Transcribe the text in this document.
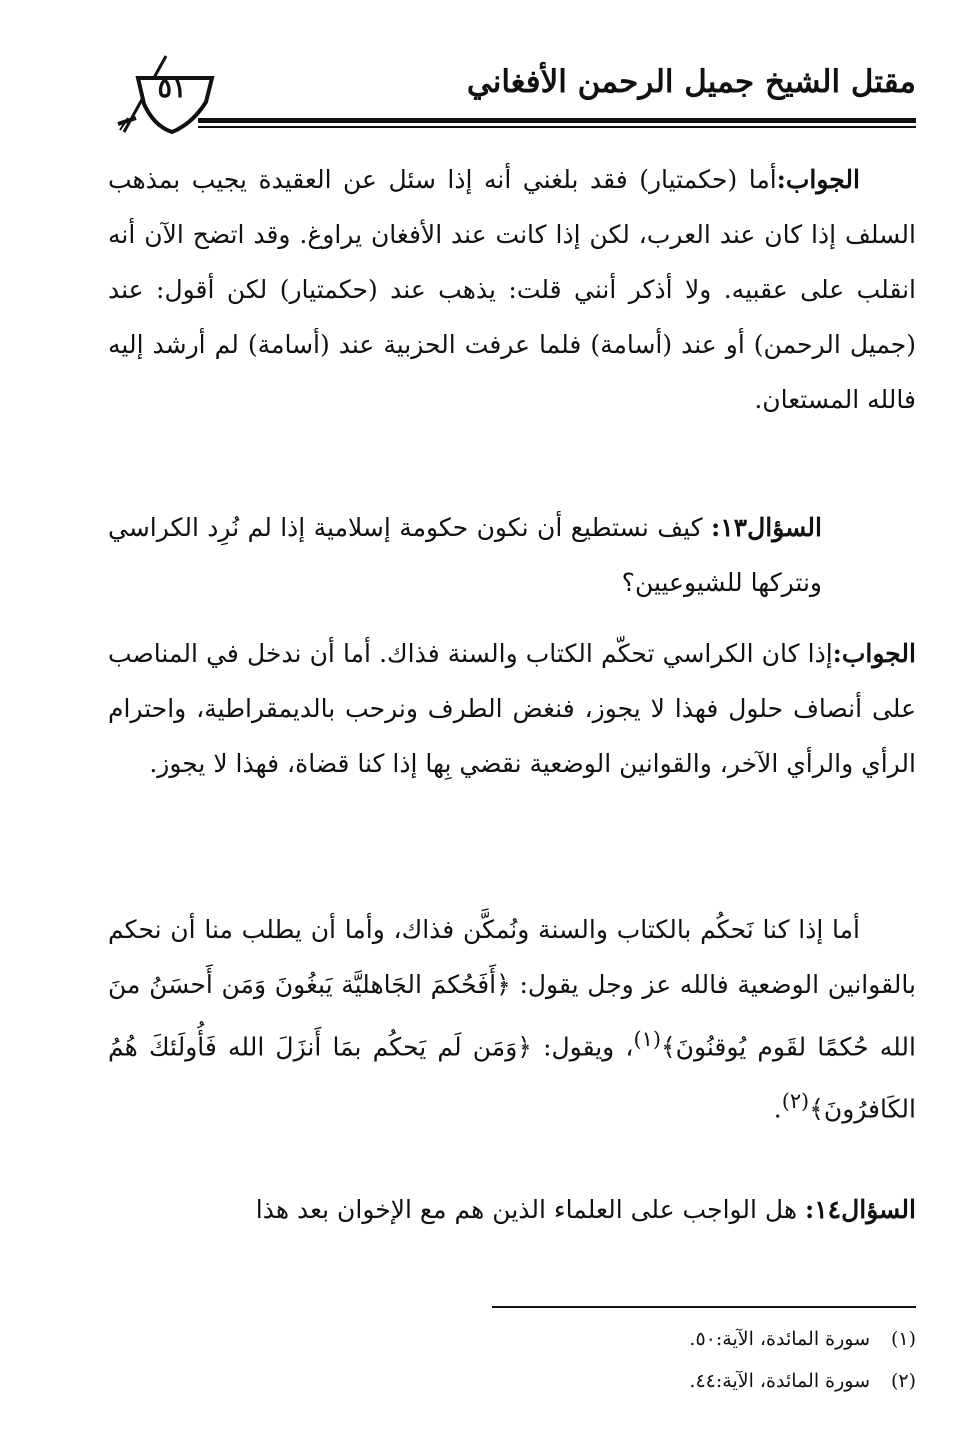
مقتل الشيخ جميل الرحمن الأفغاني
٥١

الجواب:أما (حكمتيار) فقد بلغني أنه إذا سئل عن العقيدة يجيب بمذهب السلف إذا كان عند العرب، لكن إذا كانت عند الأفغان يراوغ. وقد اتضح الآن أنه انقلب على عقبيه. ولا أذكر أنني قلت: يذهب عند (حكمتيار) لكن أقول: عند (جميل الرحمن) أو عند (أسامة) فلما عرفت الحزبية عند (أسامة) لم أرشد إليه فالله المستعان.

السؤال١٣: كيف نستطيع أن نكون حكومة إسلامية إذا لم نُرِد الكراسي ونتركها للشيوعيين؟

الجواب:إذا كان الكراسي تحكّم الكتاب والسنة فذاك. أما أن ندخل في المناصب على أنصاف حلول فهذا لا يجوز، فنغض الطرف ونرحب بالديمقراطية، واحترام الرأي والرأي الآخر، والقوانين الوضعية نقضي بِها إذا كنا قضاة، فهذا لا يجوز.

أما إذا كنا نَحكُم بالكتاب والسنة ونُمكَّن فذاك، وأما أن يطلب منا أن نحكم بالقوانين الوضعية فالله عز وجل يقول: ﴿أَفَحُكمَ الجَاهليَّة يَبغُونَ وَمَن أَحسَنُ منَ الله حُكمًا لقَوم يُوقنُونَ﴾$^{(١)}$، ويقول: ﴿وَمَن لَم يَحكُم بمَا أَنزَلَ الله فَأُولَئكَ هُمُ الكَافرُونَ﴾$^{(٢)}$.

السؤال١٤: هل الواجب على العلماء الذين هم مع الإخوان بعد هذا

(١)سورة المائدة، الآية:٥٠.
(٢)سورة المائدة، الآية:٤٤.
